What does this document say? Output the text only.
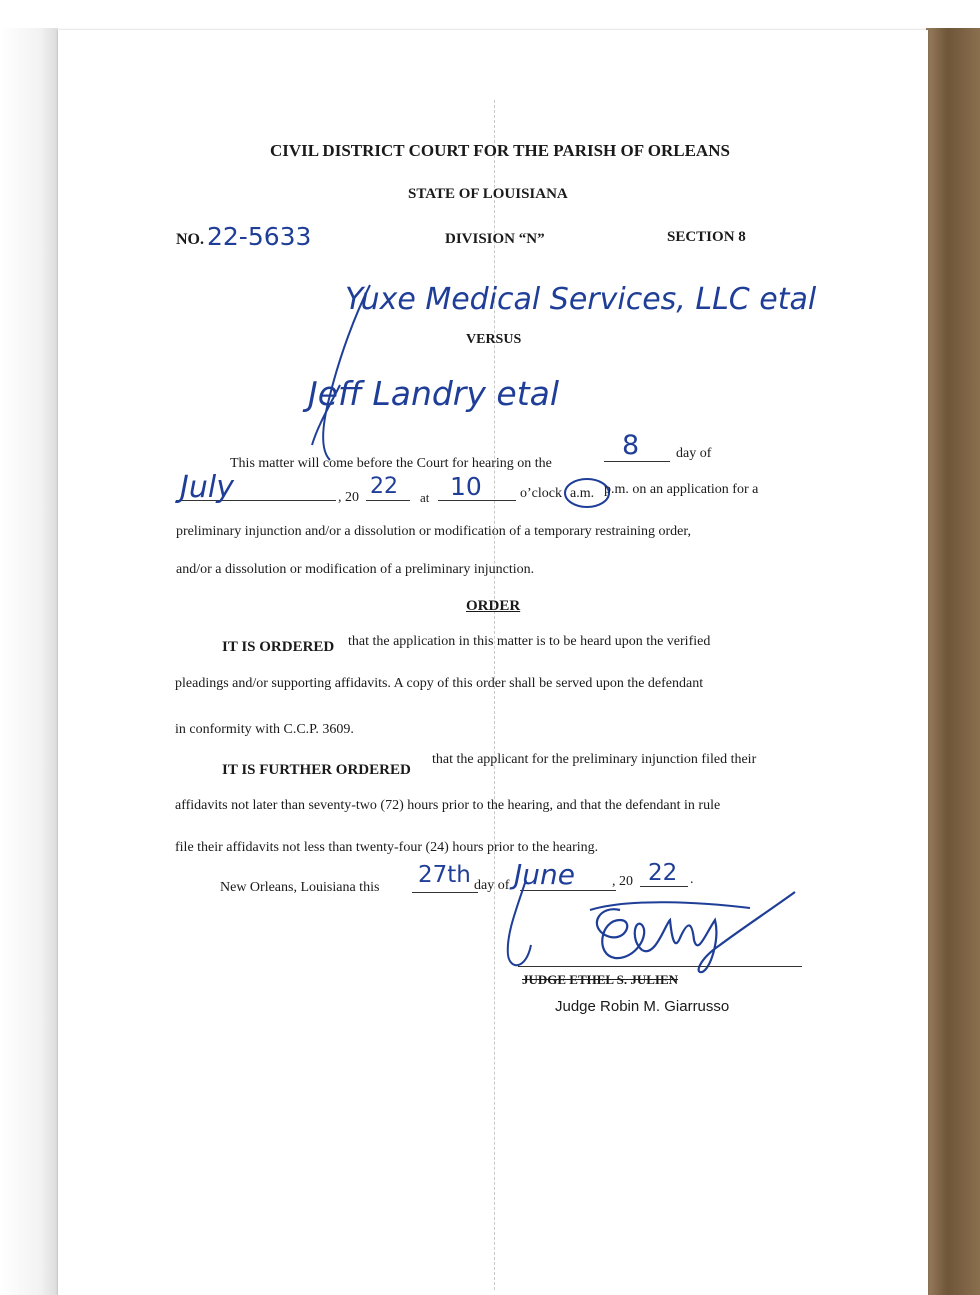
CIVIL DISTRICT COURT FOR THE PARISH OF ORLEANS
STATE OF LOUISIANA
NO. 22-5633	DIVISION “N”	SECTION 8
Yuxe Medical Services, LLC etal
VERSUS
Jeff Landry etal
This matter will come before the Court for hearing on the
8	day of
July	, 20 22 at 10	o’clock a.m. p.m. on an application for a
preliminary injunction and/or a dissolution or modification of a temporary restraining order,
and/or a dissolution or modification of a preliminary injunction.
ORDER
IT IS ORDERED that the application in this matter is to be heard upon the verified
pleadings and/or supporting affidavits. A copy of this order shall be served upon the defendant
in conformity with C.C.P. 3609.
IT IS FURTHER ORDERED
that the applicant for the preliminary injunction filed their
affidavits not later than seventy-two (72) hours prior to the hearing, and that the defendant in rule
file their affidavits not less than twenty-four (24) hours prior to the hearing.
New Orleans, Louisiana this 27th day of June	, 20 22 .
JUDGE ETHEL S. JULIEN
Judge Robin M. Giarrusso
